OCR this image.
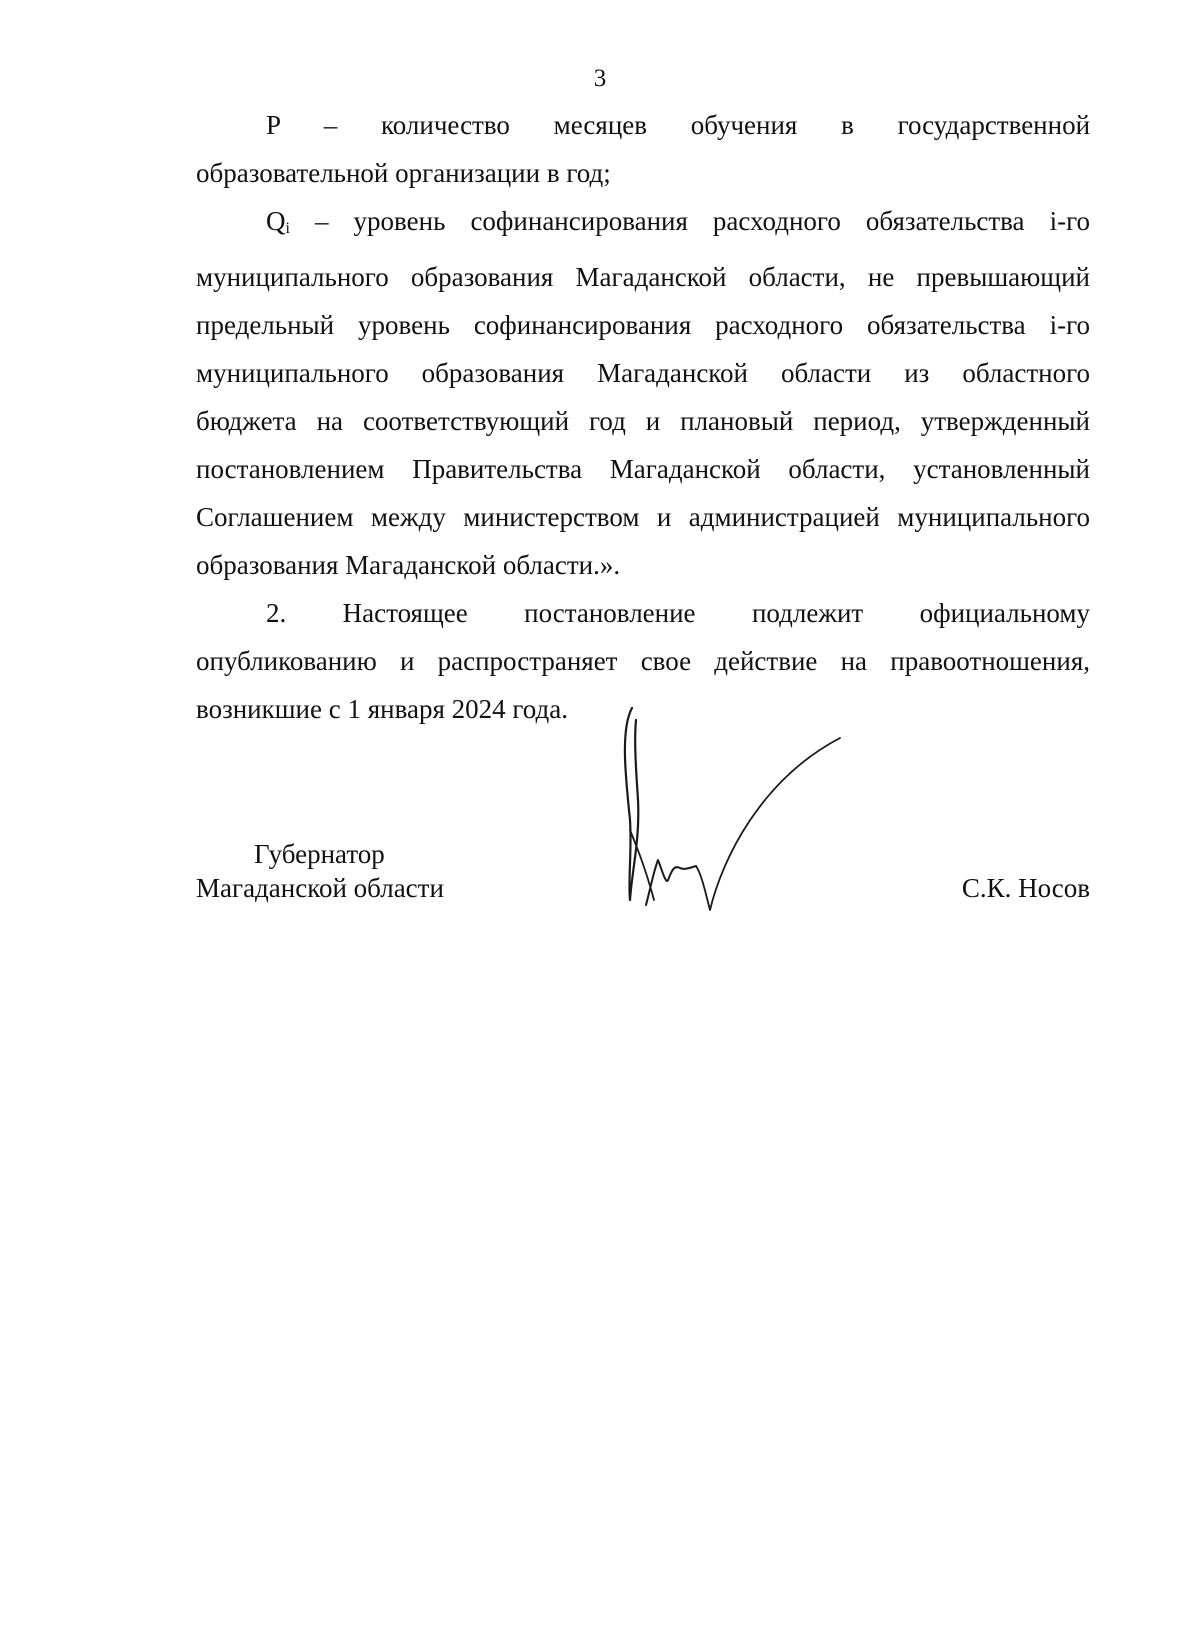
3

P – количество месяцев обучения в государственной
образовательной организации в год;

Qi – уровень софинансирования расходного обязательства i-го
муниципального образования Магаданской области, не превышающий
предельный уровень софинансирования расходного обязательства i-го
муниципального образования Магаданской области из областного
бюджета на соответствующий год и плановый период, утвержденный
постановлением Правительства Магаданской области, установленный
Соглашением между министерством и администрацией муниципального
образования Магаданской области.».

2. Настоящее постановление подлежит официальному
опубликованию и распространяет свое действие на правоотношения,
возникшие с 1 января 2024 года.

Губернатор
Магаданской области	С.К. Носов
